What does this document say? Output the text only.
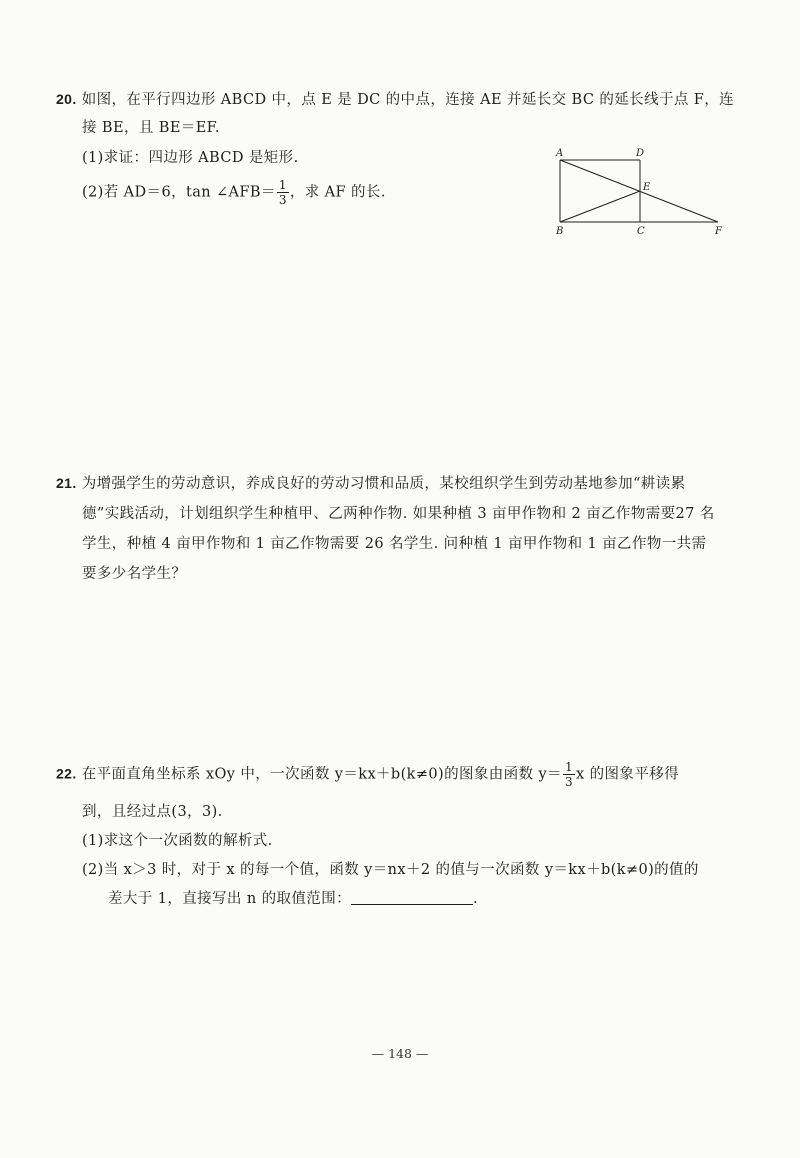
20. 如图，在平行四边形 ABCD 中，点 E 是 DC 的中点，连接 AE 并延长交 BC 的延长线于点 F，连
接 BE，且 BE＝EF.
(1)求证：四边形 ABCD 是矩形.
(2)若 AD＝6，tan ∠AFB＝ $\frac{1}{3}$ ，求 AF 的长.
A	D
E
B	C	F
21. 为增强学生的劳动意识，养成良好的劳动习惯和品质，某校组织学生到劳动基地参加“耕读累
德”实践活动，计划组织学生种植甲、乙两种作物. 如果种植 3 亩甲作物和 2 亩乙作物需要27 名
学生，种植 4 亩甲作物和 1 亩乙作物需要 26 名学生. 问种植 1 亩甲作物和 1 亩乙作物一共需
要多少名学生？
22. 在平面直角坐标系 xOy 中，一次函数 y＝kx＋b(k≠0)的图象由函数 $y= \frac{1}{3}$ x 的图象平移得
到，且经过点(3，3).
(1)求这个一次函数的解析式.
(2)当 x＞3 时，对于 x 的每一个值，函数 y＝nx＋2 的值与一次函数 y＝kx＋b(k≠0)的值的
差大于 1，直接写出 n 的取值范围：	.
— 148 —
